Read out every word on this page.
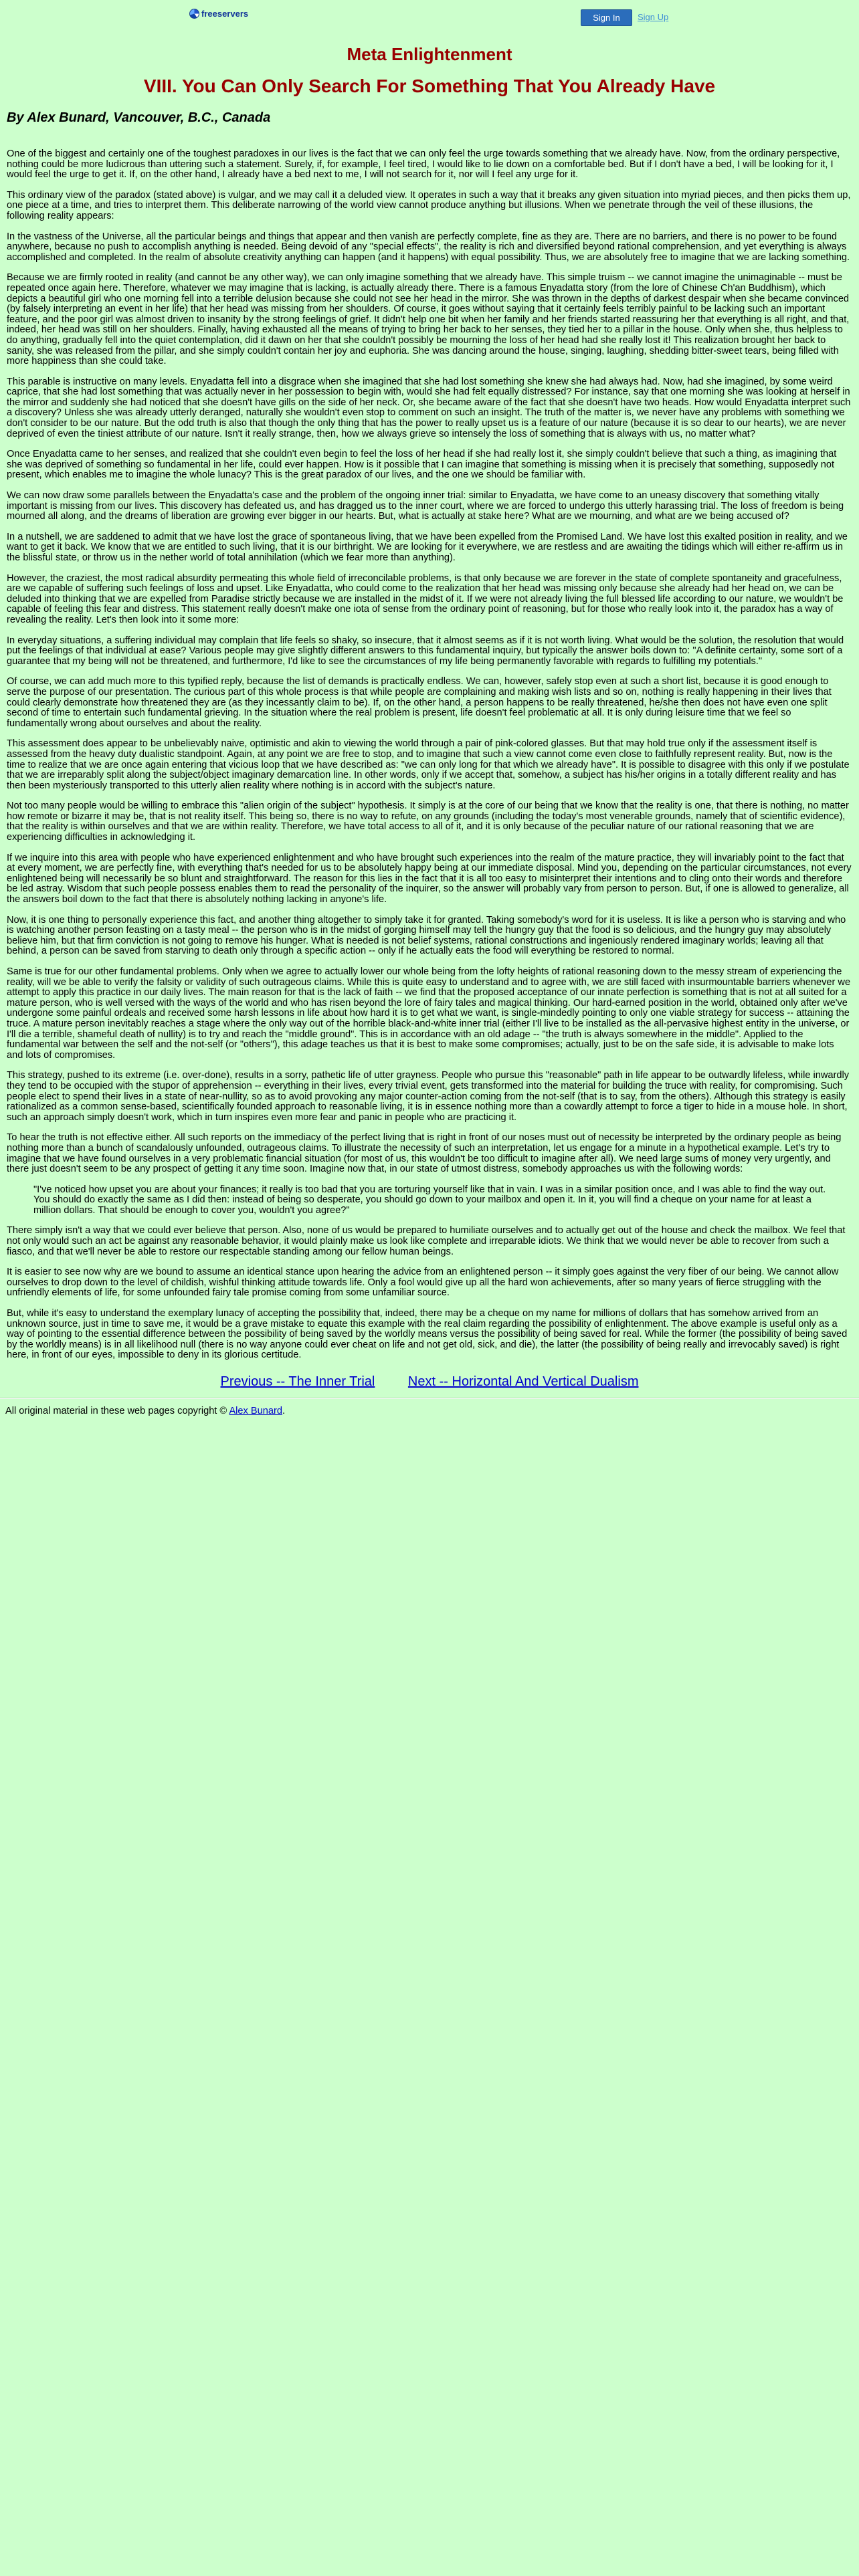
freeservers	Sign In	Sign Up
Meta Enlightenment
VIII. You Can Only Search For Something That You Already Have
By Alex Bunard, Vancouver, B.C., Canada

One of the biggest and certainly one of the toughest paradoxes in our lives is the fact that we can only feel the urge towards something that we already have. Now, from the ordinary perspective, nothing could be more ludicrous than uttering such a statement. Surely, if, for example, I feel tired, I would like to lie down on a comfortable bed. But if I don't have a bed, I will be looking for it, I would feel the urge to get it. If, on the other hand, I already have a bed next to me, I will not search for it, nor will I feel any urge for it.

This ordinary view of the paradox (stated above) is vulgar, and we may call it a deluded view. It operates in such a way that it breaks any given situation into myriad pieces, and then picks them up, one piece at a time, and tries to interpret them. This deliberate narrowing of the world view cannot produce anything but illusions. When we penetrate through the veil of these illusions, the following reality appears:

In the vastness of the Universe, all the particular beings and things that appear and then vanish are perfectly complete, fine as they are. There are no barriers, and there is no power to be found anywhere, because no push to accomplish anything is needed. Being devoid of any "special effects", the reality is rich and diversified beyond rational comprehension, and yet everything is always accomplished and completed. In the realm of absolute creativity anything can happen (and it happens) with equal possibility. Thus, we are absolutely free to imagine that we are lacking something.

Because we are firmly rooted in reality (and cannot be any other way), we can only imagine something that we already have. This simple truism -- we cannot imagine the unimaginable -- must be repeated once again here. Therefore, whatever we may imagine that is lacking, is actually already there. There is a famous Enyadatta story (from the lore of Chinese Ch'an Buddhism), which depicts a beautiful girl who one morning fell into a terrible delusion because she could not see her head in the mirror. She was thrown in the depths of darkest despair when she became convinced (by falsely interpreting an event in her life) that her head was missing from her shoulders. Of course, it goes without saying that it certainly feels terribly painful to be lacking such an important feature, and the poor girl was almost driven to insanity by the strong feelings of grief. It didn't help one bit when her family and her friends started reassuring her that everything is all right, and that, indeed, her head was still on her shoulders. Finally, having exhausted all the means of trying to bring her back to her senses, they tied her to a pillar in the house. Only when she, thus helpless to do anything, gradually fell into the quiet contemplation, did it dawn on her that she couldn't possibly be mourning the loss of her head had she really lost it! This realization brought her back to sanity, she was released from the pillar, and she simply couldn't contain her joy and euphoria. She was dancing around the house, singing, laughing, shedding bitter-sweet tears, being filled with more happiness than she could take.

This parable is instructive on many levels. Enyadatta fell into a disgrace when she imagined that she had lost something she knew she had always had. Now, had she imagined, by some weird caprice, that she had lost something that was actually never in her possession to begin with, would she had felt equally distressed? For instance, say that one morning she was looking at herself in the mirror and suddenly she had noticed that she doesn't have gills on the side of her neck. Or, she became aware of the fact that she doesn't have two heads. How would Enyadatta interpret such a discovery? Unless she was already utterly deranged, naturally she wouldn't even stop to comment on such an insight. The truth of the matter is, we never have any problems with something we don't consider to be our nature. But the odd truth is also that though the only thing that has the power to really upset us is a feature of our nature (because it is so dear to our hearts), we are never deprived of even the tiniest attribute of our nature. Isn't it really strange, then, how we always grieve so intensely the loss of something that is always with us, no matter what?

Once Enyadatta came to her senses, and realized that she couldn't even begin to feel the loss of her head if she had really lost it, she simply couldn't believe that such a thing, as imagining that she was deprived of something so fundamental in her life, could ever happen. How is it possible that I can imagine that something is missing when it is precisely that something, supposedly not present, which enables me to imagine the whole lunacy? This is the great paradox of our lives, and the one we should be familiar with.

We can now draw some parallels between the Enyadatta's case and the problem of the ongoing inner trial: similar to Enyadatta, we have come to an uneasy discovery that something vitally important is missing from our lives. This discovery has defeated us, and has dragged us to the inner court, where we are forced to undergo this utterly harassing trial. The loss of freedom is being mourned all along, and the dreams of liberation are growing ever bigger in our hearts. But, what is actually at stake here? What are we mourning, and what are we being accused of?

In a nutshell, we are saddened to admit that we have lost the grace of spontaneous living, that we have been expelled from the Promised Land. We have lost this exalted position in reality, and we want to get it back. We know that we are entitled to such living, that it is our birthright. We are looking for it everywhere, we are restless and are awaiting the tidings which will either re-affirm us in the blissful state, or throw us in the nether world of total annihilation (which we fear more than anything).

However, the craziest, the most radical absurdity permeating this whole field of irreconcilable problems, is that only because we are forever in the state of complete spontaneity and gracefulness, are we capable of suffering such feelings of loss and upset. Like Enyadatta, who could come to the realization that her head was missing only because she already had her head on, we can be deluded into thinking that we are expelled from Paradise strictly because we are installed in the midst of it. If we were not already living the full blessed life according to our nature, we wouldn't be capable of feeling this fear and distress. This statement really doesn't make one iota of sense from the ordinary point of reasoning, but for those who really look into it, the paradox has a way of revealing the reality. Let's then look into it some more:

In everyday situations, a suffering individual may complain that life feels so shaky, so insecure, that it almost seems as if it is not worth living. What would be the solution, the resolution that would put the feelings of that individual at ease? Various people may give slightly different answers to this fundamental inquiry, but typically the answer boils down to: "A definite certainty, some sort of a guarantee that my being will not be threatened, and furthermore, I'd like to see the circumstances of my life being permanently favorable with regards to fulfilling my potentials."

Of course, we can add much more to this typified reply, because the list of demands is practically endless. We can, however, safely stop even at such a short list, because it is good enough to serve the purpose of our presentation. The curious part of this whole process is that while people are complaining and making wish lists and so on, nothing is really happening in their lives that could clearly demonstrate how threatened they are (as they incessantly claim to be). If, on the other hand, a person happens to be really threatened, he/she then does not have even one split second of time to entertain such fundamental grieving. In the situation where the real problem is present, life doesn't feel problematic at all. It is only during leisure time that we feel so fundamentally wrong about ourselves and about the reality.

This assessment does appear to be unbelievably naive, optimistic and akin to viewing the world through a pair of pink-colored glasses. But that may hold true only if the assessment itself is assessed from the heavy duty dualistic standpoint. Again, at any point we are free to stop, and to imagine that such a view cannot come even close to faithfully represent reality. But, now is the time to realize that we are once again entering that vicious loop that we have described as: "we can only long for that which we already have". It is possible to disagree with this only if we postulate that we are irreparably split along the subject/object imaginary demarcation line. In other words, only if we accept that, somehow, a subject has his/her origins in a totally different reality and has then been mysteriously transported to this utterly alien reality where nothing is in accord with the subject's nature.

Not too many people would be willing to embrace this "alien origin of the subject" hypothesis. It simply is at the core of our being that we know that the reality is one, that there is nothing, no matter how remote or bizarre it may be, that is not reality itself. This being so, there is no way to refute, on any grounds (including the today's most venerable grounds, namely that of scientific evidence), that the reality is within ourselves and that we are within reality. Therefore, we have total access to all of it, and it is only because of the peculiar nature of our rational reasoning that we are experiencing difficulties in acknowledging it.

If we inquire into this area with people who have experienced enlightenment and who have brought such experiences into the realm of the mature practice, they will invariably point to the fact that at every moment, we are perfectly fine, with everything that's needed for us to be absolutely happy being at our immediate disposal. Mind you, depending on the particular circumstances, not every enlightened being will necessarily be so blunt and straightforward. The reason for this lies in the fact that it is all too easy to misinterpret their intentions and to cling onto their words and therefore be led astray. Wisdom that such people possess enables them to read the personality of the inquirer, so the answer will probably vary from person to person. But, if one is allowed to generalize, all the answers boil down to the fact that there is absolutely nothing lacking in anyone's life.

Now, it is one thing to personally experience this fact, and another thing altogether to simply take it for granted. Taking somebody's word for it is useless. It is like a person who is starving and who is watching another person feasting on a tasty meal -- the person who is in the midst of gorging himself may tell the hungry guy that the food is so delicious, and the hungry guy may absolutely believe him, but that firm conviction is not going to remove his hunger. What is needed is not belief systems, rational constructions and ingeniously rendered imaginary worlds; leaving all that behind, a person can be saved from starving to death only through a specific action -- only if he actually eats the food will everything be restored to normal.

Same is true for our other fundamental problems. Only when we agree to actually lower our whole being from the lofty heights of rational reasoning down to the messy stream of experiencing the reality, will we be able to verify the falsity or validity of such outrageous claims. While this is quite easy to understand and to agree with, we are still faced with insurmountable barriers whenever we attempt to apply this practice in our daily lives. The main reason for that is the lack of faith -- we find that the proposed acceptance of our innate perfection is something that is not at all suited for a mature person, who is well versed with the ways of the world and who has risen beyond the lore of fairy tales and magical thinking. Our hard-earned position in the world, obtained only after we've undergone some painful ordeals and received some harsh lessons in life about how hard it is to get what we want, is single-mindedly pointing to only one viable strategy for success -- attaining the truce. A mature person inevitably reaches a stage where the only way out of the horrible black-and-white inner trial (either I'll live to be installed as the all-pervasive highest entity in the universe, or I'll die a terrible, shameful death of nullity) is to try and reach the "middle ground". This is in accordance with an old adage -- "the truth is always somewhere in the middle". Applied to the fundamental war between the self and the not-self (or "others"), this adage teaches us that it is best to make some compromises; actually, just to be on the safe side, it is advisable to make lots and lots of compromises.

This strategy, pushed to its extreme (i.e. over-done), results in a sorry, pathetic life of utter grayness. People who pursue this "reasonable" path in life appear to be outwardly lifeless, while inwardly they tend to be occupied with the stupor of apprehension -- everything in their lives, every trivial event, gets transformed into the material for building the truce with reality, for compromising. Such people elect to spend their lives in a state of near-nullity, so as to avoid provoking any major counter-action coming from the not-self (that is to say, from the others). Although this strategy is easily rationalized as a common sense-based, scientifically founded approach to reasonable living, it is in essence nothing more than a cowardly attempt to force a tiger to hide in a mouse hole. In short, such an approach simply doesn't work, which in turn inspires even more fear and panic in people who are practicing it.

To hear the truth is not effective either. All such reports on the immediacy of the perfect living that is right in front of our noses must out of necessity be interpreted by the ordinary people as being nothing more than a bunch of scandalously unfounded, outrageous claims. To illustrate the necessity of such an interpretation, let us engage for a minute in a hypothetical example. Let's try to imagine that we have found ourselves in a very problematic financial situation (for most of us, this wouldn't be too difficult to imagine after all). We need large sums of money very urgently, and there just doesn't seem to be any prospect of getting it any time soon. Imagine now that, in our state of utmost distress, somebody approaches us with the following words:

"I've noticed how upset you are about your finances; it really is too bad that you are torturing yourself like that in vain. I was in a similar position once, and I was able to find the way out. You should do exactly the same as I did then: instead of being so desperate, you should go down to your mailbox and open it. In it, you will find a cheque on your name for at least a million dollars. That should be enough to cover you, wouldn't you agree?"

There simply isn't a way that we could ever believe that person. Also, none of us would be prepared to humiliate ourselves and to actually get out of the house and check the mailbox. We feel that not only would such an act be against any reasonable behavior, it would plainly make us look like complete and irreparable idiots. We think that we would never be able to recover from such a fiasco, and that we'll never be able to restore our respectable standing among our fellow human beings.

It is easier to see now why are we bound to assume an identical stance upon hearing the advice from an enlightened person -- it simply goes against the very fiber of our being. We cannot allow ourselves to drop down to the level of childish, wishful thinking attitude towards life. Only a fool would give up all the hard won achievements, after so many years of fierce struggling with the unfriendly elements of life, for some unfounded fairy tale promise coming from some unfamiliar source.

But, while it's easy to understand the exemplary lunacy of accepting the possibility that, indeed, there may be a cheque on my name for millions of dollars that has somehow arrived from an unknown source, just in time to save me, it would be a grave mistake to equate this example with the real claim regarding the possibility of enlightenment. The above example is useful only as a way of pointing to the essential difference between the possibility of being saved by the worldly means versus the possibility of being saved for real. While the former (the possibility of being saved by the worldly means) is in all likelihood null (there is no way anyone could ever cheat on life and not get old, sick, and die), the latter (the possibility of being really and irrevocably saved) is right here, in front of our eyes, impossible to deny in its glorious certitude.

Previous -- The Inner Trial Next -- Horizontal And Vertical Dualism
All original material in these web pages copyright © Alex Bunard.
